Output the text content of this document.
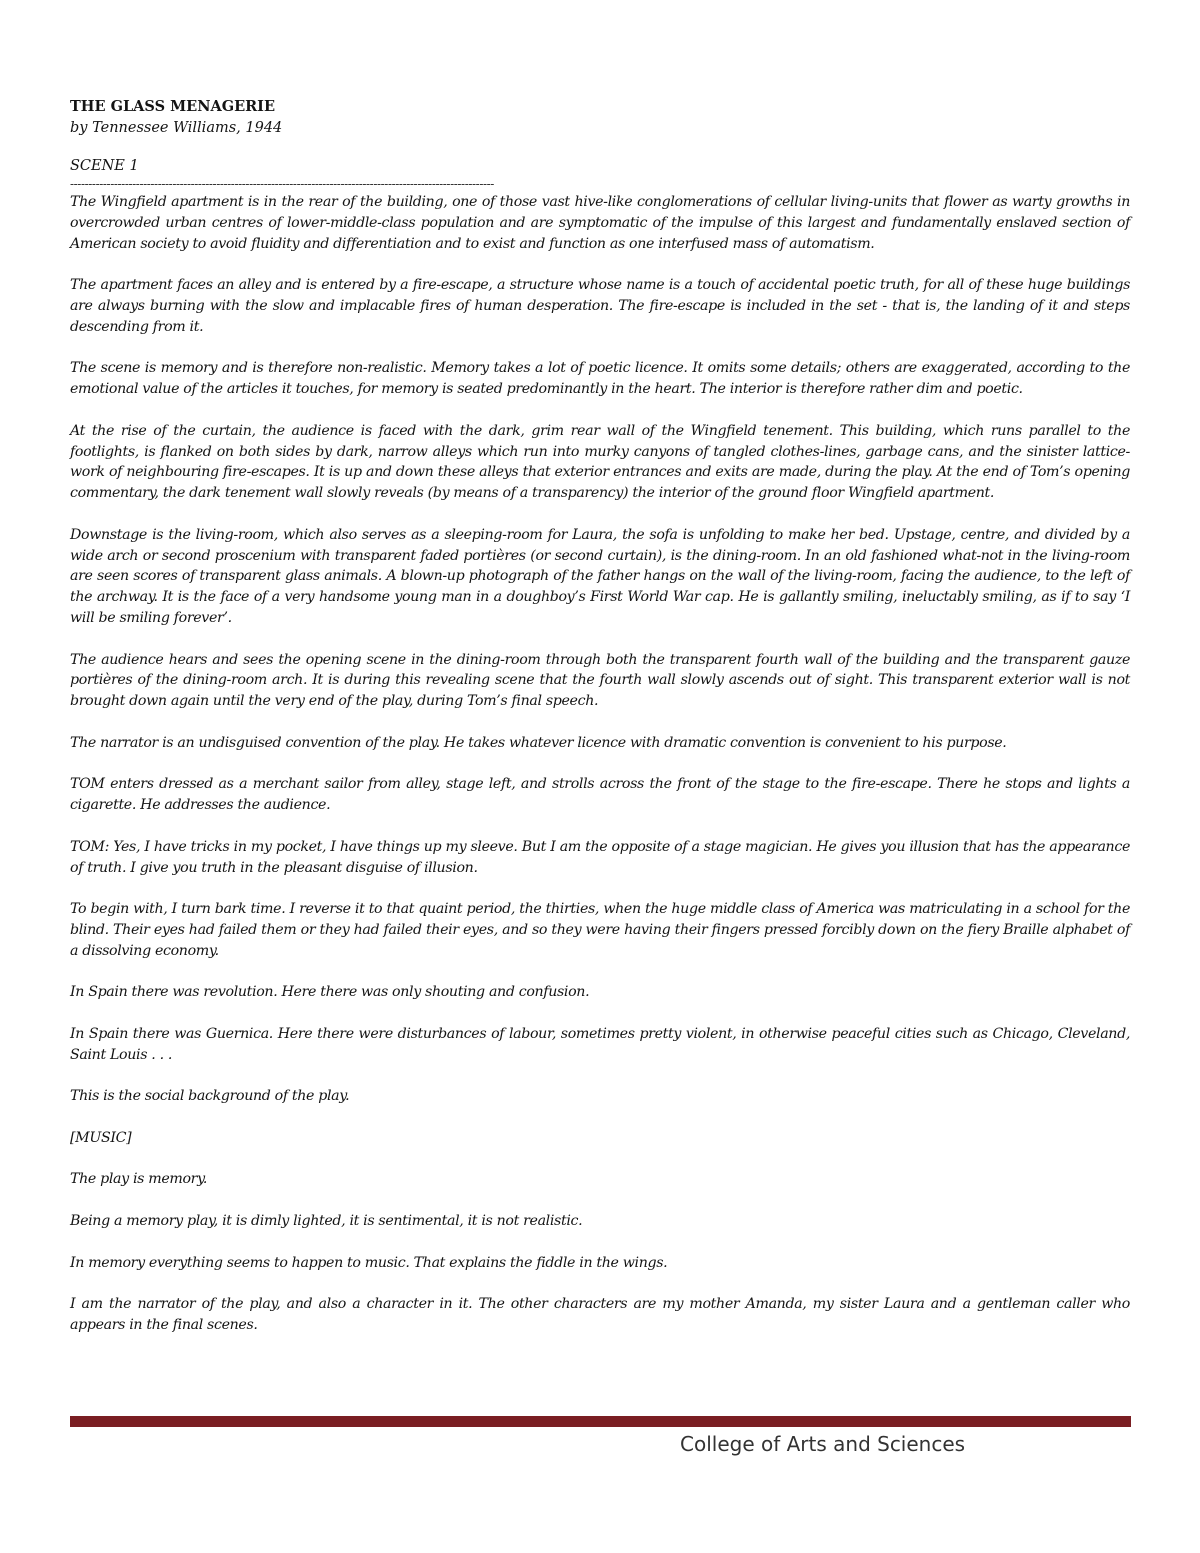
THE GLASS MENAGERIE

by Tennessee Williams, 1944

SCENE 1

--------------------------------------------------------------------------------------------------------------------

The Wingfield apartment is in the rear of the building, one of those vast hive-like conglomerations of cellular living-units that flower as warty growths in overcrowded urban centres of lower-middle-class population and are symptomatic of the impulse of this largest and fundamentally enslaved section of American society to avoid fluidity and differentiation and to exist and function as one interfused mass of automatism.

The apartment faces an alley and is entered by a fire-escape, a structure whose name is a touch of accidental poetic truth, for all of these huge buildings are always burning with the slow and implacable fires of human desperation. The fire-escape is included in the set - that is, the landing of it and steps descending from it.

The scene is memory and is therefore non-realistic. Memory takes a lot of poetic licence. It omits some details; others are exaggerated, according to the emotional value of the articles it touches, for memory is seated predominantly in the heart. The interior is therefore rather dim and poetic.

At the rise of the curtain, the audience is faced with the dark, grim rear wall of the Wingfield tenement. This building, which runs parallel to the footlights, is flanked on both sides by dark, narrow alleys which run into murky canyons of tangled clothes-lines, garbage cans, and the sinister lattice-work of neighbouring fire-escapes. It is up and down these alleys that exterior entrances and exits are made, during the play. At the end of Tom’s opening commentary, the dark tenement wall slowly reveals (by means of a transparency) the interior of the ground floor Wingfield apartment.

Downstage is the living-room, which also serves as a sleeping-room for Laura, the sofa is unfolding to make her bed. Upstage, centre, and divided by a wide arch or second proscenium with transparent faded portières (or second curtain), is the dining-room. In an old fashioned what-not in the living-room are seen scores of transparent glass animals. A blown-up photograph of the father hangs on the wall of the living-room, facing the audience, to the left of the archway. It is the face of a very handsome young man in a doughboy’s First World War cap. He is gallantly smiling, ineluctably smiling, as if to say ‘I will be smiling forever’.

The audience hears and sees the opening scene in the dining-room through both the transparent fourth wall of the building and the transparent gauze portières of the dining-room arch. It is during this revealing scene that the fourth wall slowly ascends out of sight. This transparent exterior wall is not brought down again until the very end of the play, during Tom’s final speech.

The narrator is an undisguised convention of the play. He takes whatever licence with dramatic convention is convenient to his purpose.

TOM enters dressed as a merchant sailor from alley, stage left, and strolls across the front of the stage to the fire-escape. There he stops and lights a cigarette. He addresses the audience.

TOM: Yes, I have tricks in my pocket, I have things up my sleeve. But I am the opposite of a stage magician. He gives you illusion that has the appearance of truth. I give you truth in the pleasant disguise of illusion.

To begin with, I turn bark time. I reverse it to that quaint period, the thirties, when the huge middle class of America was matriculating in a school for the blind. Their eyes had failed them or they had failed their eyes, and so they were having their fingers pressed forcibly down on the fiery Braille alphabet of a dissolving economy.

In Spain there was revolution. Here there was only shouting and confusion.

In Spain there was Guernica. Here there were disturbances of labour, sometimes pretty violent, in otherwise peaceful cities such as Chicago, Cleveland, Saint Louis . . .

This is the social background of the play.

[MUSIC]

The play is memory.

Being a memory play, it is dimly lighted, it is sentimental, it is not realistic.

In memory everything seems to happen to music. That explains the fiddle in the wings.

I am the narrator of the play, and also a character in it. The other characters are my mother Amanda, my sister Laura and a gentleman caller who appears in the final scenes.

College of Arts and Sciences
